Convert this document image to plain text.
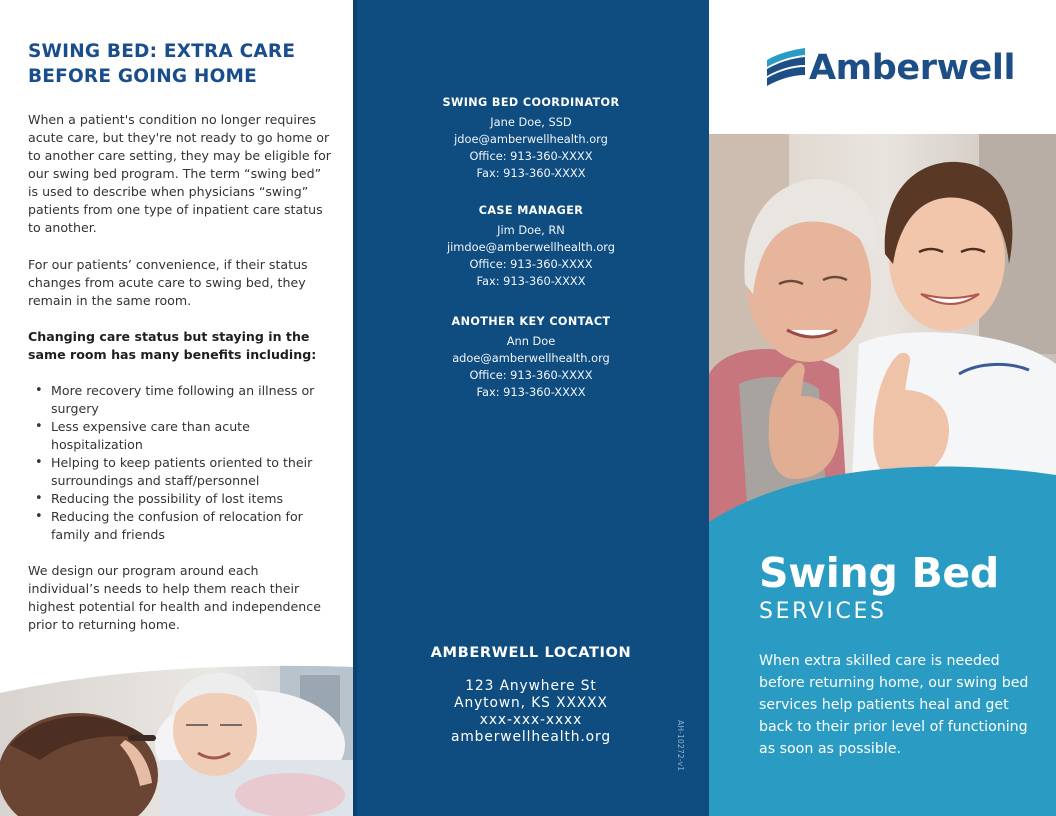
SWING BED: EXTRA CARE BEFORE GOING HOME

When a patient's condition no longer requires acute care, but they're not ready to go home or to another care setting, they may be eligible for our swing bed program. The term “swing bed” is used to describe when physicians “swing” patients from one type of inpatient care status to another.

For our patients’ convenience, if their status changes from acute care to swing bed, they remain in the same room.

Changing care status but staying in the same room has many benefits including:

• More recovery time following an illness or surgery
• Less expensive care than acute hospitalization
• Helping to keep patients oriented to their surroundings and staff/personnel
• Reducing the possibility of lost items
• Reducing the confusion of relocation for family and friends

We design our program around each individual’s needs to help them reach their highest potential for health and independence prior to returning home.

SWING BED COORDINATOR

Jane Doe, SSD

jdoe@amberwellhealth.org

Office: 913-360-XXXX

Fax: 913-360-XXXX

CASE MANAGER

Jim Doe, RN

jimdoe@amberwellhealth.org

Office: 913-360-XXXX

Fax: 913-360-XXXX

ANOTHER KEY CONTACT

Ann Doe

adoe@amberwellhealth.org

Office: 913-360-XXXX

Fax: 913-360-XXXX

AMBERWELL LOCATION

123 Anywhere St

Anytown, KS XXXXX

xxx-xxx-xxxx

amberwellhealth.org	AH-10272-v1
Amberwell
Swing Bed
SERVICES

When extra skilled care is needed before returning home, our swing bed services help patients heal and get back to their prior level of functioning as soon as possible.
